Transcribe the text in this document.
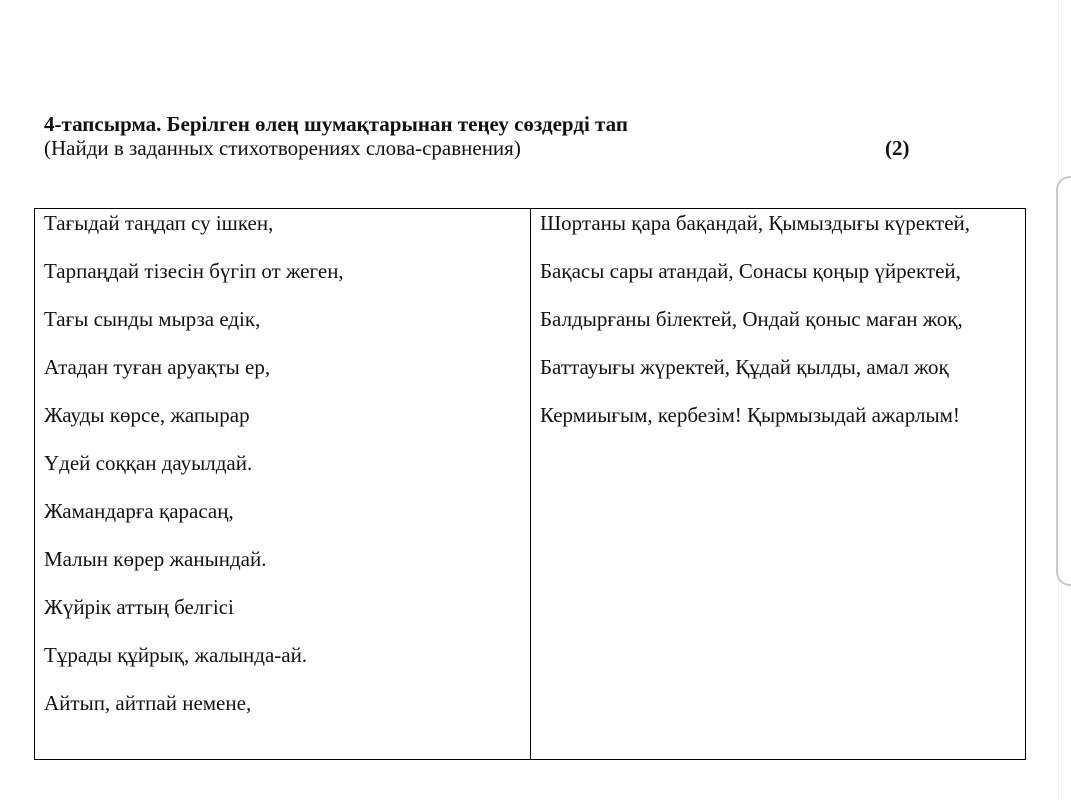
4-тапсырма. Берілген өлең шумақтарынан теңеу сөздерді тап
(Найди в заданных стихотворениях слова-сравнения)	(2)
Тағыдай таңдап су ішкен,
Тарпаңдай тізесін бүгіп от жеген,
Тағы сынды мырза едік,
Атадан туған аруақты ер,
Жауды көрсе, жапырар
Үдей соққан дауылдай.
Жамандарға қарасаң,
Малын көрер жанындай.
Жүйрік аттың белгісі
Тұрады құйрық, жалында-ай.
Айтып, айтпай немене,
Шортаны қара бақандай, Қымыздығы күректей,
Бақасы сары атандай, Сонасы қоңыр үйректей,
Балдырғаны білектей, Ондай қоныс маған жоқ,
Баттауығы жүректей, Құдай қылды, амал жоқ
Кермиығым, кербезім! Қырмызыдай ажарлым!
